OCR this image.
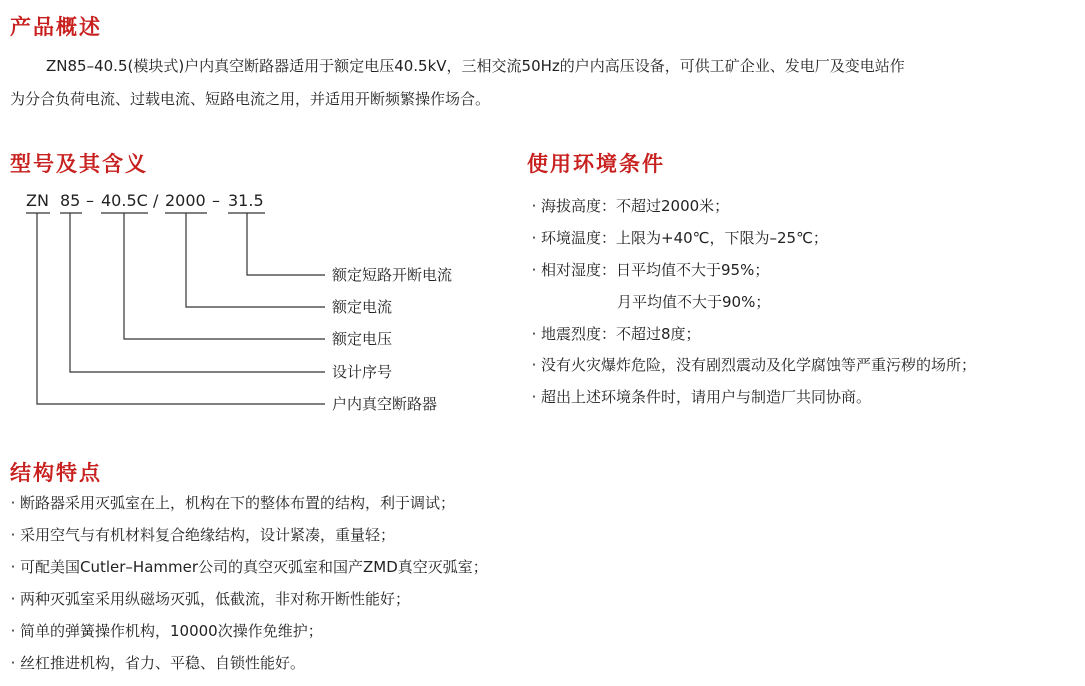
产品概述

ZN85–40.5(模块式)户内真空断路器适用于额定电压40.5kV，三相交流50Hz的户内高压设备，可供工矿企业、发电厂及变电站作

为分合负荷电流、过载电流、短路电流之用，并适用开断频繁操作场合。

型号及其含义
ZN 85 – 40.5C / 2000 – 31.5
额定短路开断电流
额定电流
额定电压
设计序号
户内真空断路器
使用环境条件
· 海拔高度：不超过2000米；
· 环境温度：上限为+40℃，下限为–25℃；
· 相对湿度：日平均值不大于95%；
月平均值不大于90%；
· 地震烈度：不超过8度；
· 没有火灾爆炸危险，没有剧烈震动及化学腐蚀等严重污秽的场所；
· 超出上述环境条件时，请用户与制造厂共同协商。
结构特点
· 断路器采用灭弧室在上，机构在下的整体布置的结构，利于调试；
· 采用空气与有机材料复合绝缘结构，设计紧凑，重量轻；
· 可配美国Cutler–Hammer公司的真空灭弧室和国产ZMD真空灭弧室；
· 两种灭弧室采用纵磁场灭弧，低截流，非对称开断性能好；
· 简单的弹簧操作机构，10000次操作免维护；
· 丝杠推进机构，省力、平稳、自锁性能好。
